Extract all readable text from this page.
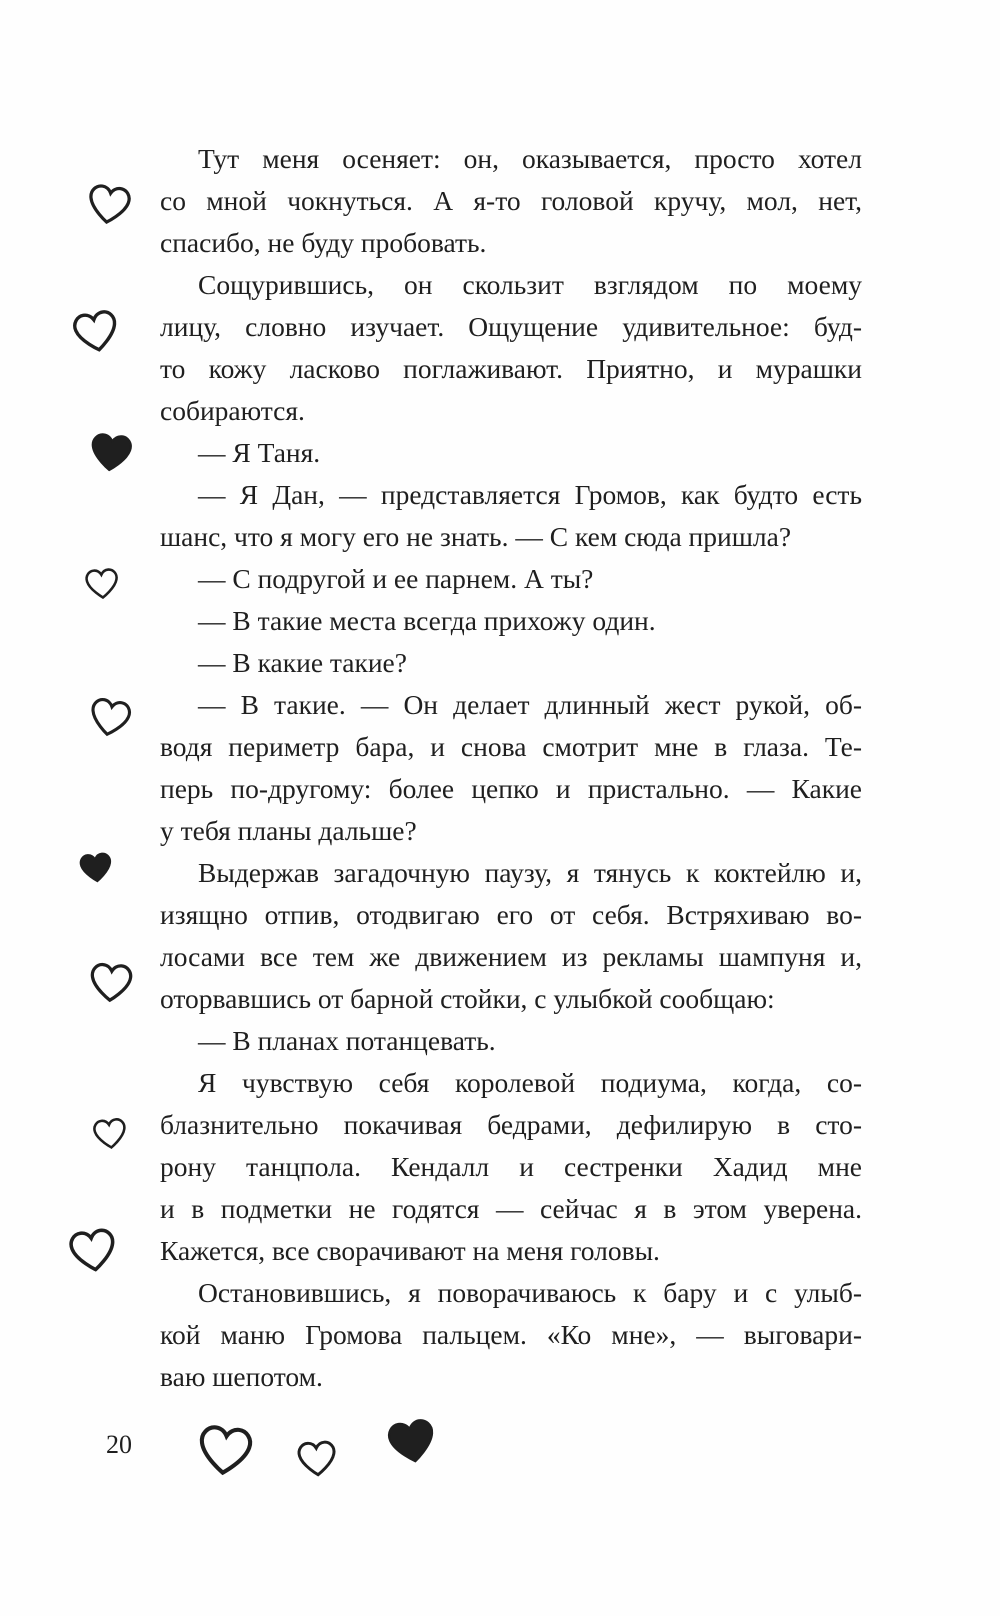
Тут меня осеняет: он, оказывается, просто хотел
со мной чокнуться. А я-то головой кручу, мол, нет,
спасибо, не буду пробовать.
Сощурившись, он скользит взглядом по моему
лицу, словно изучает. Ощущение удивительное: буд-
то кожу ласково поглаживают. Приятно, и мурашки
собираются.
— Я Таня.
— Я Дан, — представляется Громов, как будто есть
шанс, что я могу его не знать. — С кем сюда пришла?
— С подругой и ее парнем. А ты?
— В такие места всегда прихожу один.
— В какие такие?
— В такие. — Он делает длинный жест рукой, об-
водя периметр бара, и снова смотрит мне в глаза. Те-
перь по-другому: более цепко и пристально. — Какие
у тебя планы дальше?
Выдержав загадочную паузу, я тянусь к коктейлю и,
изящно отпив, отодвигаю его от себя. Встряхиваю во-
лосами все тем же движением из рекламы шампуня и,
оторвавшись от барной стойки, с улыбкой сообщаю:
— В планах потанцевать.
Я чувствую себя королевой подиума, когда, со-
блазнительно покачивая бедрами, дефилирую в сто-
рону танцпола. Кендалл и сестренки Хадид мне
и в подметки не годятся — сейчас я в этом уверена.
Кажется, все сворачивают на меня головы.
Остановившись, я поворачиваюсь к бару и с улыб-
кой маню Громова пальцем. «Ко мне», — выговари-
ваю шепотом.
20
